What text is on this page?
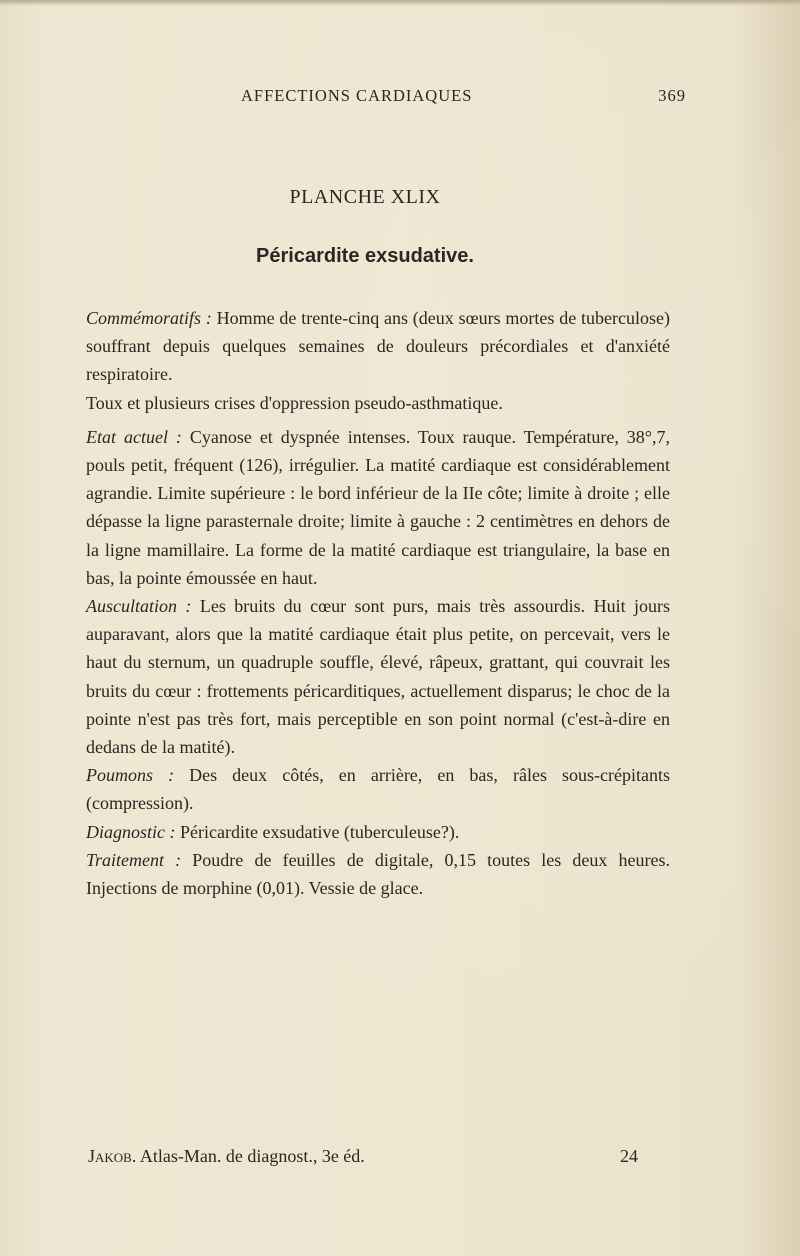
AFFECTIONS CARDIAQUES	369
PLANCHE XLIX
Péricardite exsudative.

Commémoratifs : Homme de trente-cinq ans (deux sœurs mortes de tuberculose) souffrant depuis quelques semaines de douleurs précordiales et d'anxiété respiratoire.

Toux et plusieurs crises d'oppression pseudo-asthmatique.

Etat actuel : Cyanose et dyspnée intenses. Toux rauque. Température, 38°,7, pouls petit, fréquent (126), irrégulier. La matité cardiaque est considérablement agrandie. Limite supérieure : le bord inférieur de la IIe côte; limite à droite ; elle dépasse la ligne parasternale droite; limite à gauche : 2 centimètres en dehors de la ligne mamillaire. La forme de la matité cardiaque est triangulaire, la base en bas, la pointe émoussée en haut.

Auscultation : Les bruits du cœur sont purs, mais très assourdis. Huit jours auparavant, alors que la matité cardiaque était plus petite, on percevait, vers le haut du sternum, un quadruple souffle, élevé, râpeux, grattant, qui couvrait les bruits du cœur : frottements péricarditiques, actuellement disparus; le choc de la pointe n'est pas très fort, mais perceptible en son point normal (c'est-à-dire en dedans de la matité).

Poumons : Des deux côtés, en arrière, en bas, râles sous-crépitants (compression).

Diagnostic : Péricardite exsudative (tuberculeuse?).

Traitement : Poudre de feuilles de digitale, 0,15 toutes les deux heures. Injections de morphine (0,01). Vessie de glace.

Jakob. Atlas-Man. de diagnost., 3e éd.	24
